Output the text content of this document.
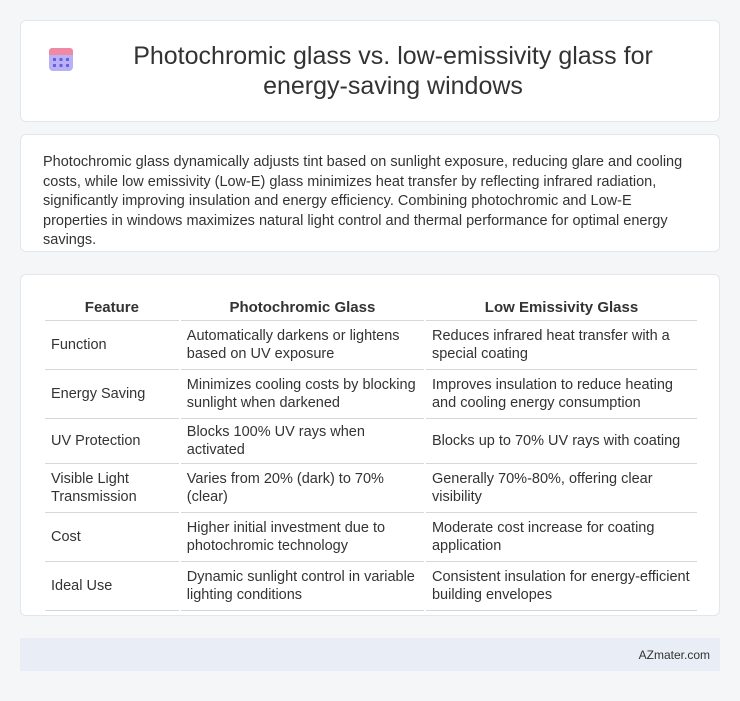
Photochromic glass vs. low-emissivity glass for energy-saving windows

Photochromic glass dynamically adjusts tint based on sunlight exposure, reducing glare and cooling costs, while low emissivity (Low-E) glass minimizes heat transfer by reflecting infrared radiation, significantly improving insulation and energy efficiency. Combining photochromic and Low-E properties in windows maximizes natural light control and thermal performance for optimal energy savings.

Feature	Photochromic Glass	Low Emissivity Glass
Function	Automatically darkens or lightens based on UV exposure	Reduces infrared heat transfer with a special coating
Energy Saving	Minimizes cooling costs by blocking sunlight when darkened	Improves insulation to reduce heating and cooling energy consumption
UV Protection	Blocks 100% UV rays when activated	Blocks up to 70% UV rays with coating
Visible Light Transmission	Varies from 20% (dark) to 70% (clear)	Generally 70%-80%, offering clear visibility
Cost	Higher initial investment due to photochromic technology	Moderate cost increase for coating application
Ideal Use	Dynamic sunlight control in variable lighting conditions	Consistent insulation for energy-efficient building envelopes
AZmater.com
